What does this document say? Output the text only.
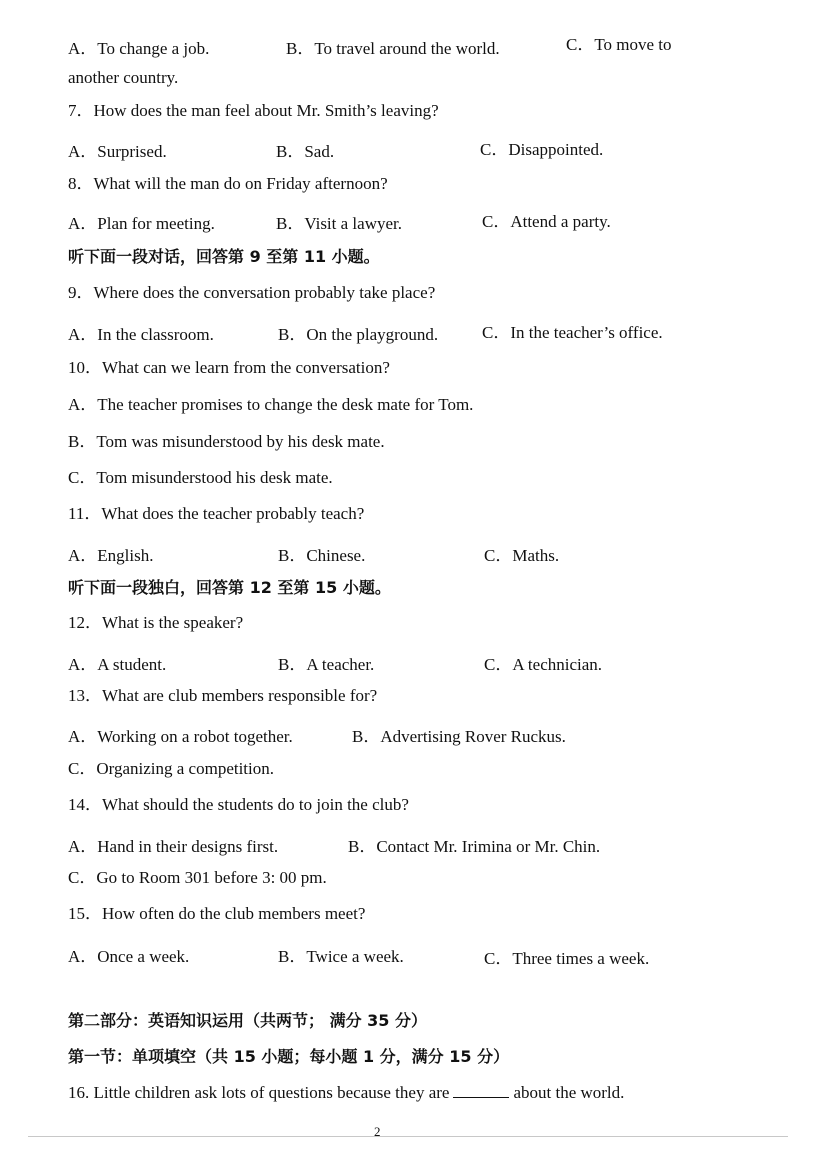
A．To change a job.	B．To travel around the world.	C．To move to
another country.
7．How does the man feel about Mr. Smith’s leaving?
A．Surprised.	B．Sad.	C．Disappointed.
8．What will the man do on Friday afternoon?
A．Plan for meeting.	B．Visit a lawyer.	C．Attend a party.
听下面一段对话，回答第 9 至第 11 小题。
9．Where does the conversation probably take place?
A．In the classroom.	B．On the playground.	C．In the teacher’s office.
10．What can we learn from the conversation?
A．The teacher promises to change the desk mate for Tom.
B．Tom was misunderstood by his desk mate.
C．Tom misunderstood his desk mate.
11．What does the teacher probably teach?
A．English.	B．Chinese.	C．Maths.
听下面一段独白，回答第 12 至第 15 小题。
12．What is the speaker?
A．A student.	B．A teacher.	C．A technician.
13．What are club members responsible for?
A．Working on a robot together.	B．Advertising Rover Ruckus.
C．Organizing a competition.
14．What should the students do to join the club?
A．Hand in their designs first.	B．Contact Mr. Irimina or Mr. Chin.
C．Go to Room 301 before 3: 00 pm.
15．How often do the club members meet?
A．Once a week.	B．Twice a week.	C．Three times a week.
第二部分：英语知识运用（共两节； 满分 35 分）
第一节：单项填空（共 15 小题；每小题 1 分，满分 15 分）
16. Little children ask lots of questions because they are	about the world.
2
